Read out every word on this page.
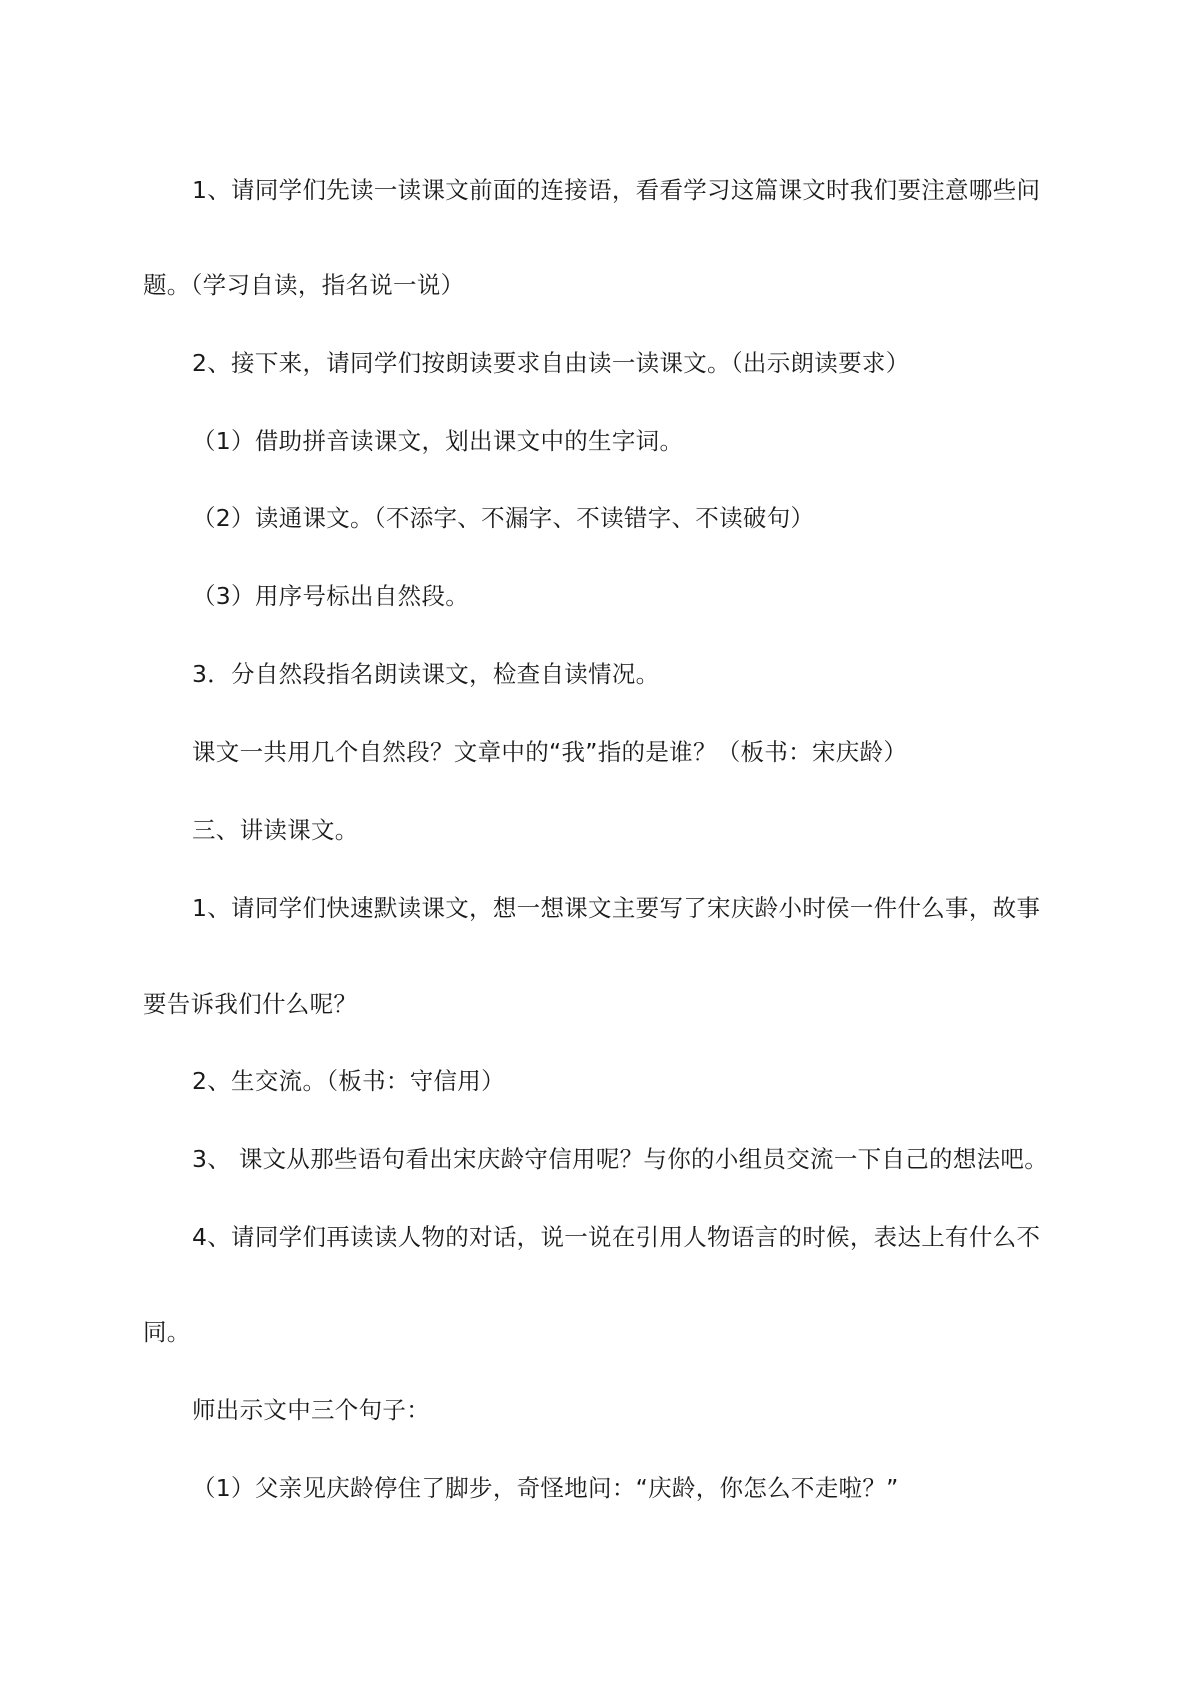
1、请同学们先读一读课文前面的连接语，看看学习这篇课文时我们要注意哪些问
题。（学习自读，指名说一说）
2、接下来，请同学们按朗读要求自由读一读课文。（出示朗读要求）
（1）借助拼音读课文，划出课文中的生字词。
（2）读通课文。（不添字、不漏字、不读错字、不读破句）
（3）用序号标出自然段。
3．分自然段指名朗读课文，检查自读情况。
课文一共用几个自然段？文章中的“我”指的是谁？（板书：宋庆龄）
三、讲读课文。
1、请同学们快速默读课文，想一想课文主要写了宋庆龄小时侯一件什么事，故事
要告诉我们什么呢？
2、生交流。（板书：守信用）
3、 课文从那些语句看出宋庆龄守信用呢？与你的小组员交流一下自己的想法吧。
4、请同学们再读读人物的对话，说一说在引用人物语言的时候，表达上有什么不
同。
师出示文中三个句子：
（1）父亲见庆龄停住了脚步，奇怪地问：“庆龄，你怎么不走啦？”
